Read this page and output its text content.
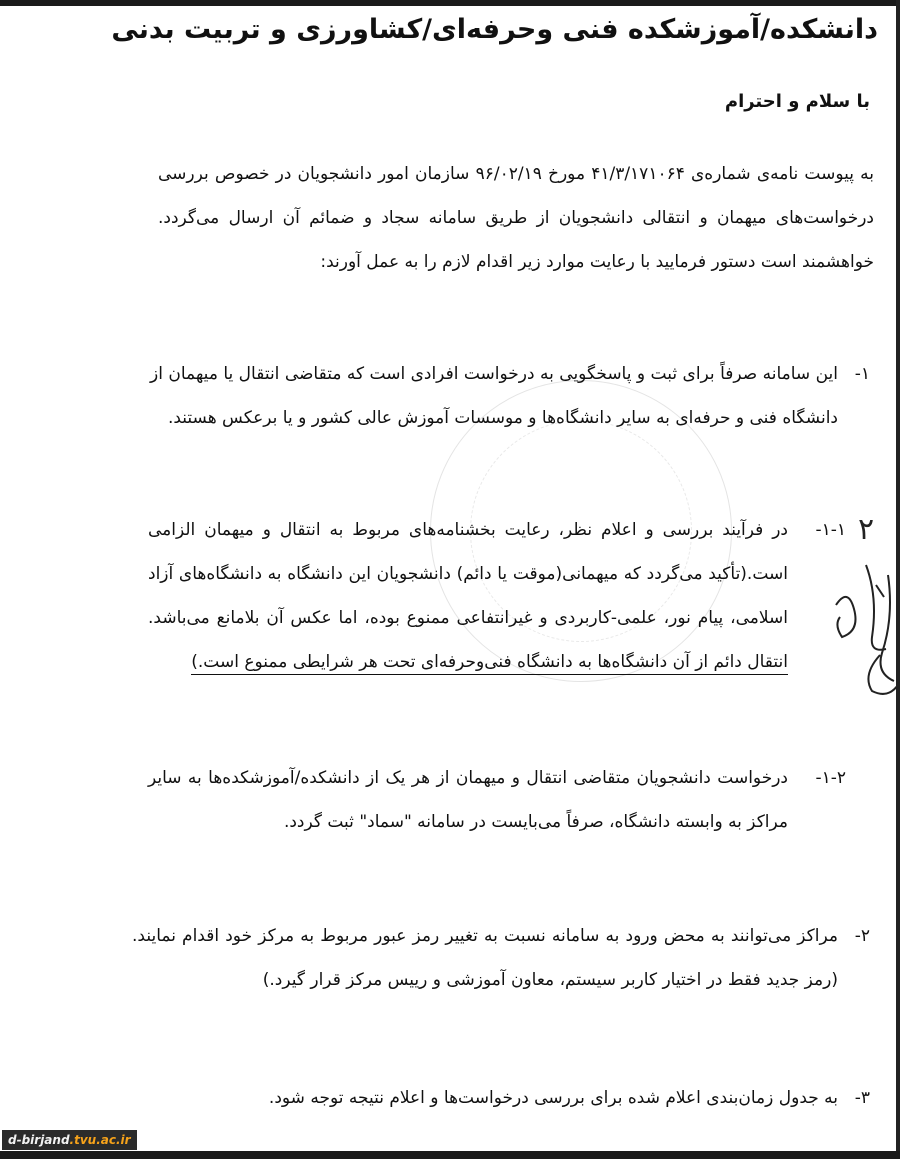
دانشکده/آموزشکده فنی وحرفه‌ای/کشاورزی و تربیت بدنی
با سلام و احترام
به پیوست نامه‌ی شماره‌ی ۴۱/۳/۱۷۱۰۶۴ مورخ ۹۶/۰۲/۱۹ سازمان امور دانشجویان در خصوص بررسی درخواست‌های میهمان و انتقالی دانشجویان از طریق سامانه سجاد و ضمائم آن ارسال می‌گردد. خواهشمند است دستور فرمایید با رعایت موارد زیر اقدام لازم را به عمل آورند:
۱-
این سامانه صرفاً برای ثبت و پاسخگویی به درخواست افرادی است که متقاضی انتقال یا میهمان از دانشگاه فنی و حرفه‌ای به سایر دانشگاه‌ها و موسسات آموزش عالی کشور و یا برعکس هستند.
۱-۱-
در فرآیند بررسی و اعلام نظر، رعایت بخشنامه‌های مربوط به انتقال و میهمان الزامی است.(تأکید می‌گردد که میهمانی(موقت یا دائم) دانشجویان این دانشگاه به دانشگاه‌های آزاد اسلامی، پیام نور، علمی-کاربردی و غیرانتفاعی ممنوع بوده، اما عکس آن بلامانع می‌باشد. انتقال دائم از آن دانشگاه‌ها به دانشگاه فنی‌وحرفه‌ای تحت هر شرایطی ممنوع است.)
۱-۲-
درخواست دانشجویان متقاضی انتقال و میهمان از هر یک از دانشکده/آموزشکده‌ها به سایر مراکز به وابسته دانشگاه، صرفاً می‌بایست در سامانه "سماد" ثبت گردد.
۲-
مراکز می‌توانند به محض ورود به سامانه نسبت به تغییر رمز عبور مربوط به مرکز خود اقدام نمایند.(رمز جدید فقط در اختیار کاربر سیستم، معاون آموزشی و رییس مرکز قرار گیرد.)
۳-
به جدول زمان‌بندی اعلام شده برای بررسی درخواست‌ها و اعلام نتیجه توجه شود.
۲
d-birjand.tvu.ac.ir
